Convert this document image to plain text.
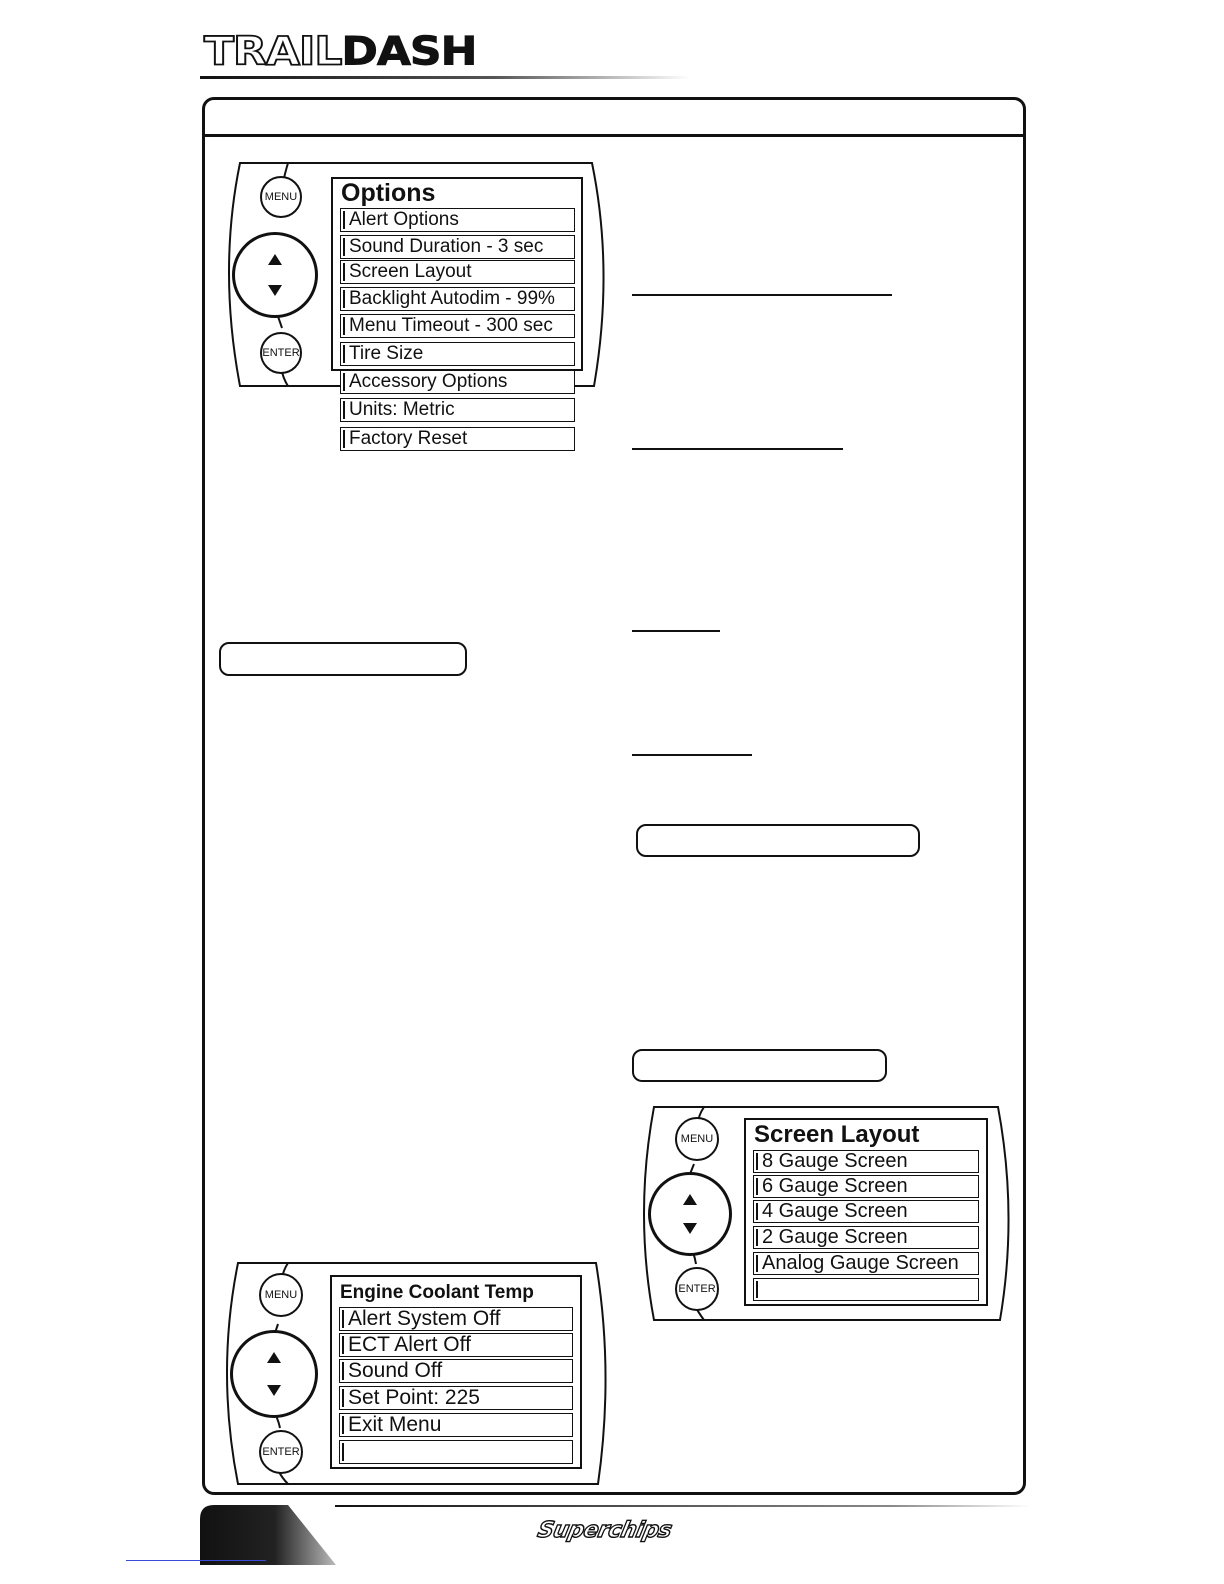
TRAILDASH
MENU
ENTER
Options
Alert Options
Sound Duration - 3 sec
Screen Layout
Backlight Autodim - 99%
Menu Timeout - 300 sec
Tire Size
Accessory Options
Units: Metric
Factory Reset
MENU
ENTER
Screen Layout
8 Gauge Screen
6 Gauge Screen
4 Gauge Screen
2 Gauge Screen
Analog Gauge Screen
MENU
ENTER
Engine Coolant Temp
Alert System Off
ECT Alert Off
Sound Off
Set Point: 225
Exit Menu
Superchips
